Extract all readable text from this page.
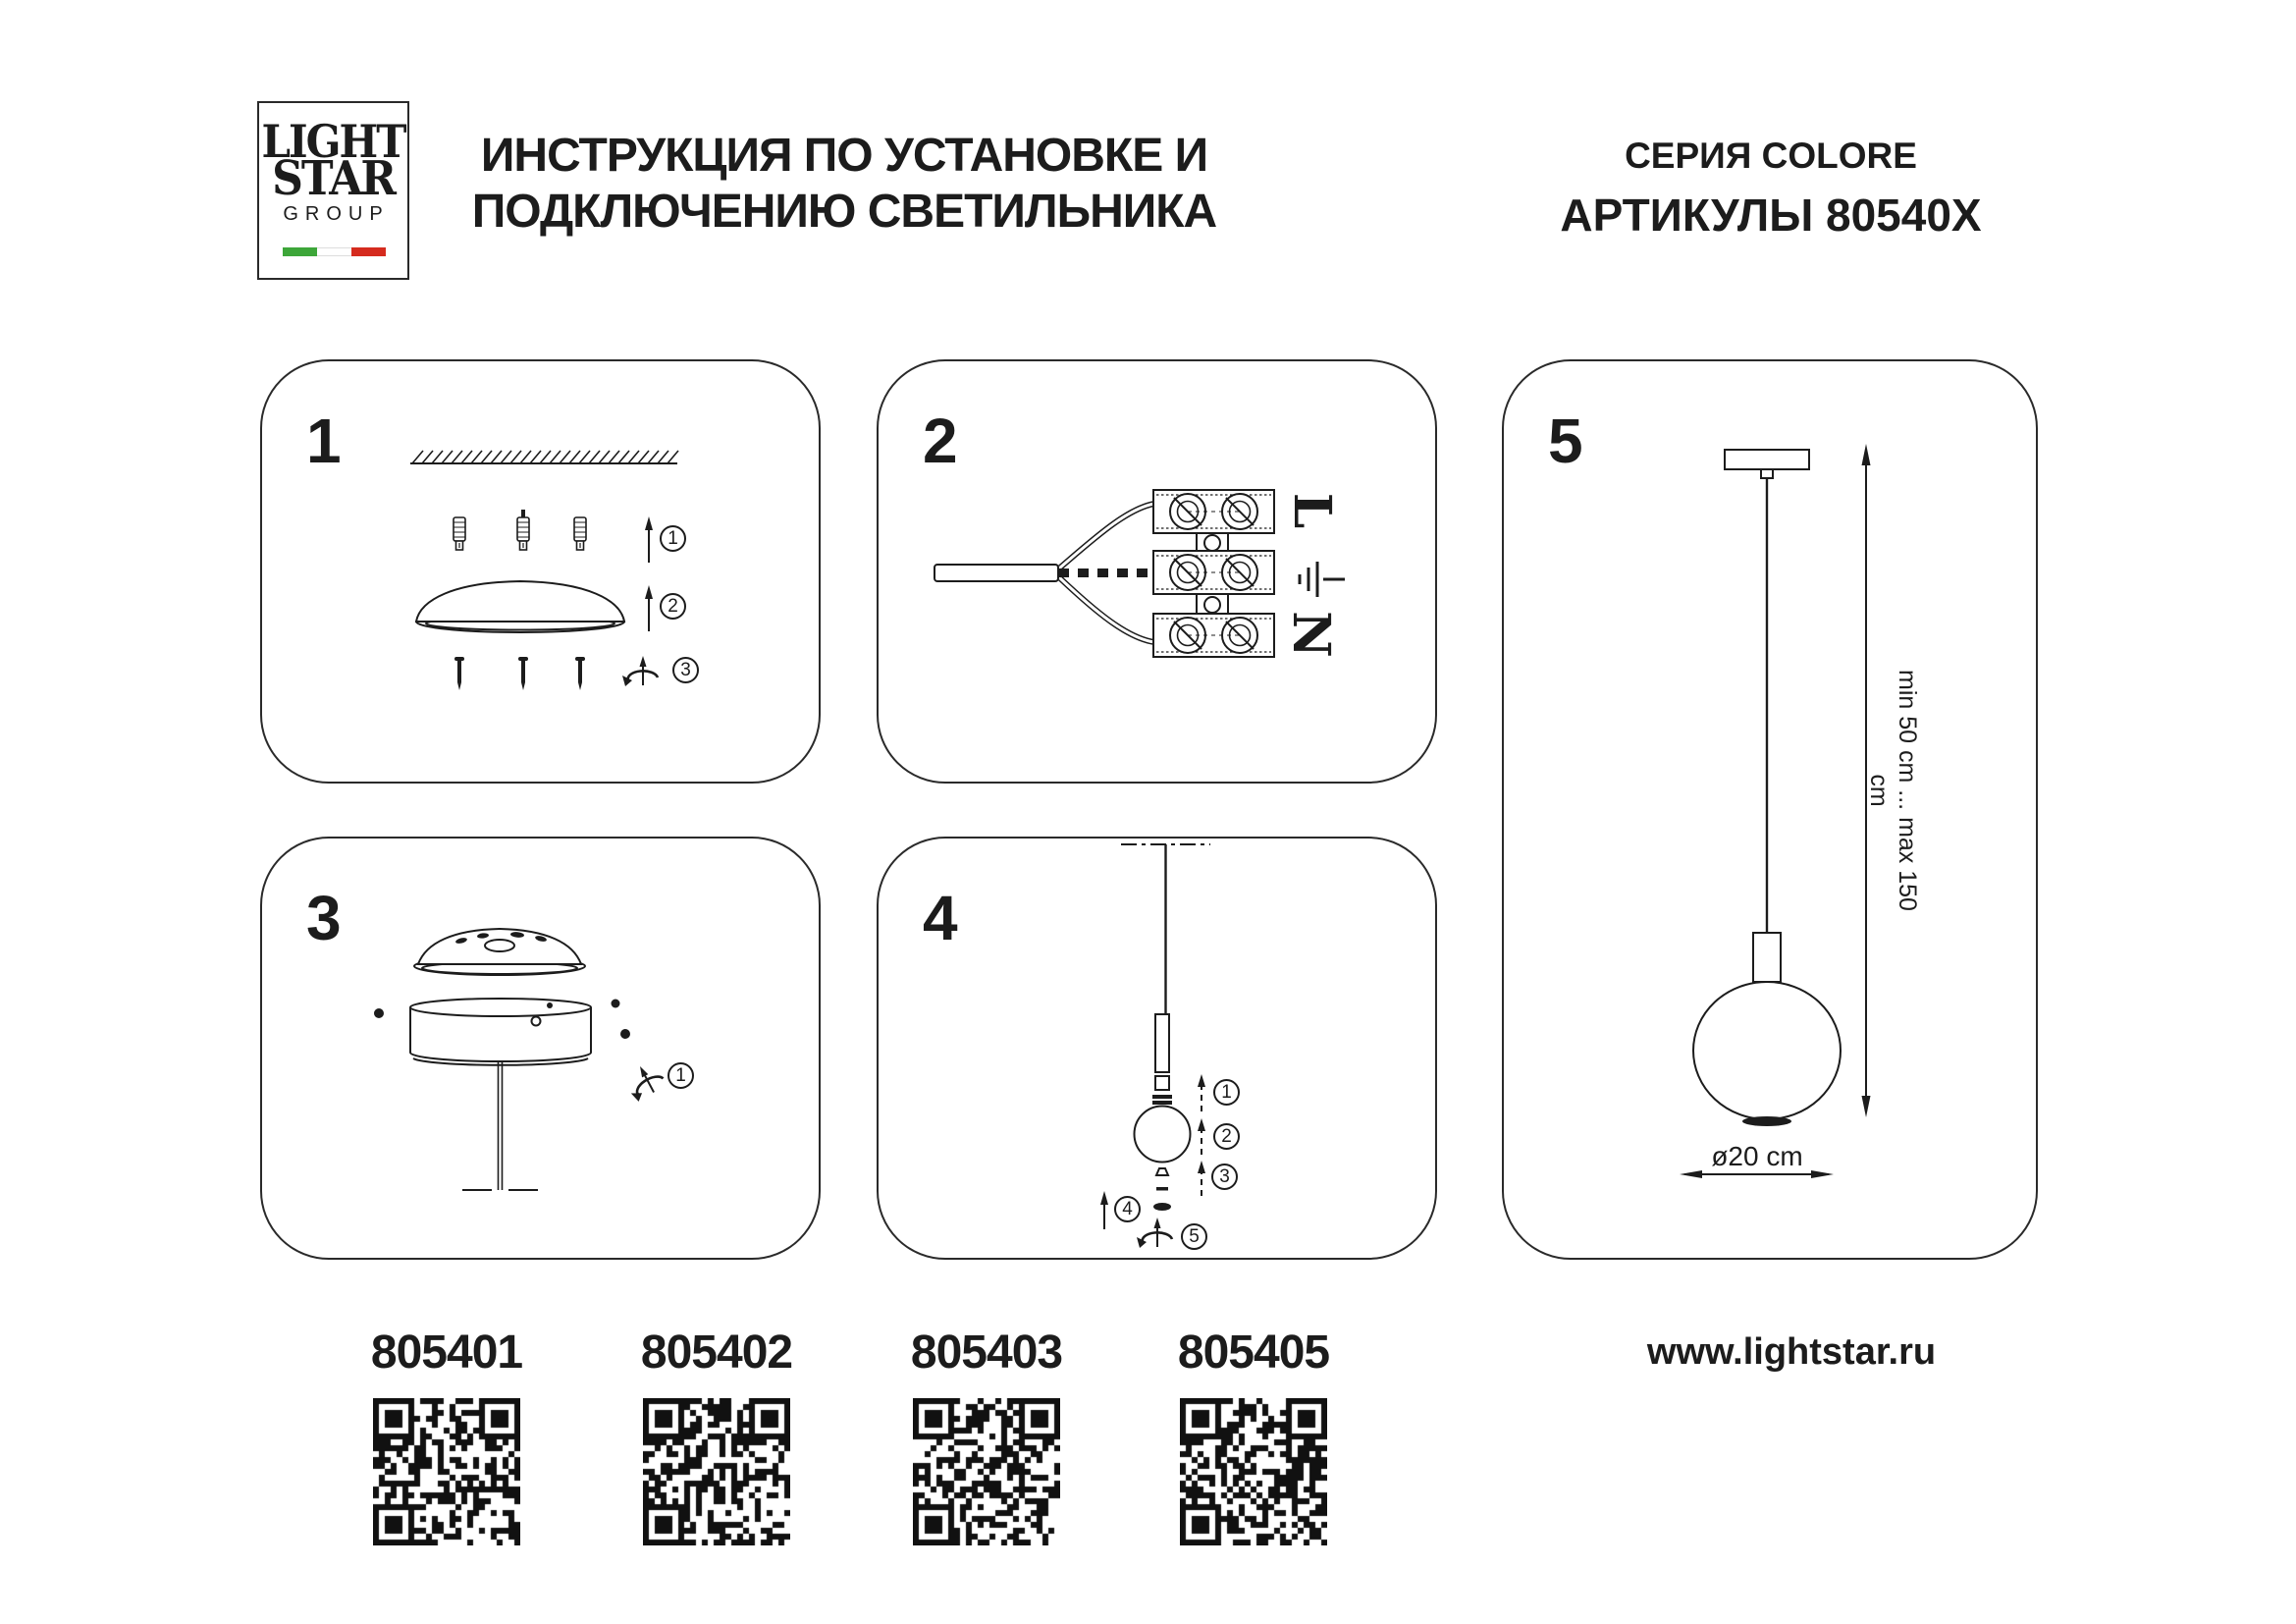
LIGHT
STAR
GROUP
ИНСТРУКЦИЯ ПО УСТАНОВКЕ И
ПОДКЛЮЧЕНИЮ СВЕТИЛЬНИКА
СЕРИЯ COLORE
АРТИКУЛЫ 80540X
1	2
3	4
5
1
2
3
1
1
2
3
4
5
L
N
min 50 cm ... max 150 cm
ø20 cm
805401	805402	805403	805405	www.lightstar.ru
